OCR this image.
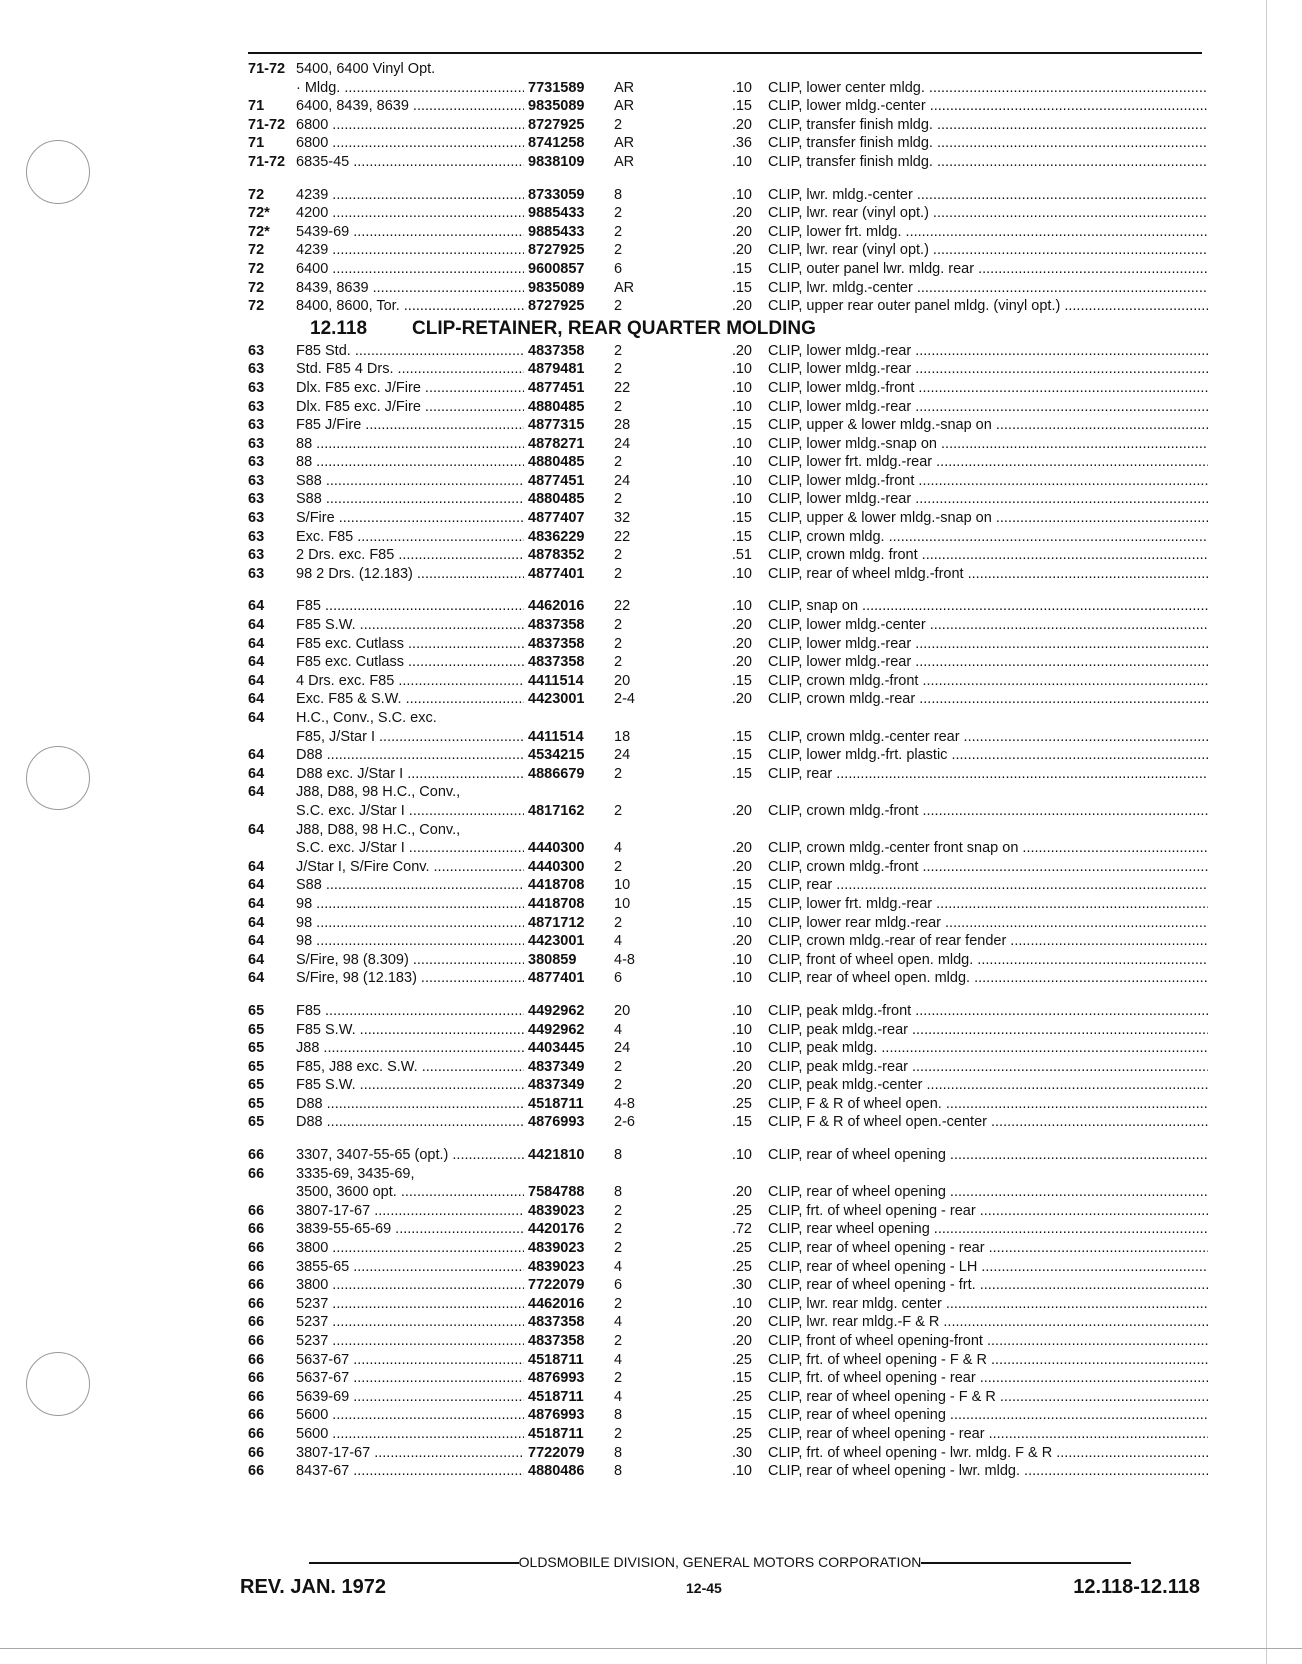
71-72 5400, 6400 Vinyl Opt.
· Mldg. .....	7731589	AR	.10 CLIP, lower center mldg. .....
71	6400, 8439, 8639 .....	9835089	AR	.15 CLIP, lower mldg.-center .....
71-72 6800 .....	8727925	2	.20 CLIP, transfer finish mldg. .....
71	6800 .....	8741258	AR	.36 CLIP, transfer finish mldg. .....
71-72 6835-45 .....	9838109	AR	.10 CLIP, transfer finish mldg. .....
72	4239 .....	8733059	8	.10 CLIP, lwr. mldg.-center .....
72*	4200 .....	9885433	2	.20 CLIP, lwr. rear (vinyl opt.) .....
72*	5439-69 .....	9885433	2	.20 CLIP, lower frt. mldg. .....
72	4239 .....	8727925	2	.20 CLIP, lwr. rear (vinyl opt.) .....
72	6400 .....	9600857	6	.15 CLIP, outer panel lwr. mldg. rear .....
72	8439, 8639 .....	9835089	AR	.15 CLIP, lwr. mldg.-center .....
72	8400, 8600, Tor. .....	8727925	2	.20 CLIP, upper rear outer panel mldg. (vinyl opt.) .....
12.118 CLIP-RETAINER, REAR QUARTER MOLDING
63	F85 Std. .....	4837358	2	.20 CLIP, lower mldg.-rear .....
63	Std. F85 4 Drs. .....	4879481	2	.10 CLIP, lower mldg.-rear .....
63	Dlx. F85 exc. J/Fire .....	4877451	22	.10 CLIP, lower mldg.-front .....
63	Dlx. F85 exc. J/Fire .....	4880485	2	.10 CLIP, lower mldg.-rear .....
63	F85 J/Fire .....	4877315	28	.15 CLIP, upper & lower mldg.-snap on .....
63	88 .....	4878271	24	.10 CLIP, lower mldg.-snap on .....
63	88 .....	4880485	2	.10 CLIP, lower frt. mldg.-rear .....
63	S88 .....	4877451	24	.10 CLIP, lower mldg.-front .....
63	S88 .....	4880485	2	.10 CLIP, lower mldg.-rear .....
63	S/Fire .....	4877407	32	.15 CLIP, upper & lower mldg.-snap on .....
63	Exc. F85 .....	4836229	22	.15 CLIP, crown mldg. .....
63	2 Drs. exc. F85 .....	4878352	2	.51 CLIP, crown mldg. front .....
63	98 2 Drs. (12.183) .....	4877401	2	.10 CLIP, rear of wheel mldg.-front .....
64	F85 .....	4462016	22	.10 CLIP, snap on .....
64	F85 S.W. .....	4837358	2	.20 CLIP, lower mldg.-center .....
64	F85 exc. Cutlass .....	4837358	2	.20 CLIP, lower mldg.-rear .....
64	F85 exc. Cutlass .....	4837358	2	.20 CLIP, lower mldg.-rear .....
64	4 Drs. exc. F85 .....	4411514	20	.15 CLIP, crown mldg.-front .....
64	Exc. F85 & S.W. .....	4423001	2-4	.20 CLIP, crown mldg.-rear .....
64	H.C., Conv., S.C. exc.
F85, J/Star I .....	4411514	18	.15 CLIP, crown mldg.-center rear .....
64	D88 .....	4534215	24	.15 CLIP, lower mldg.-frt. plastic .....
64	D88 exc. J/Star I .....	4886679	2	.15 CLIP, rear .....
64	J88, D88, 98 H.C., Conv.,
S.C. exc. J/Star I .....	4817162	2	.20 CLIP, crown mldg.-front .....
64	J88, D88, 98 H.C., Conv.,
S.C. exc. J/Star I .....	4440300	4	.20 CLIP, crown mldg.-center front snap on .....
64	J/Star I, S/Fire Conv. .....	4440300	2	.20 CLIP, crown mldg.-front .....
64	S88 .....	4418708	10	.15 CLIP, rear .....
64	98 .....	4418708	10	.15 CLIP, lower frt. mldg.-rear .....
64	98 .....	4871712	2	.10 CLIP, lower rear mldg.-rear .....
64	98 .....	4423001	4	.20 CLIP, crown mldg.-rear of rear fender .....
64	S/Fire, 98 (8.309) .....	380859	4-8	.10 CLIP, front of wheel open. mldg. .....
64	S/Fire, 98 (12.183) .....	4877401	6	.10 CLIP, rear of wheel open. mldg. .....
65	F85 .....	4492962	20	.10 CLIP, peak mldg.-front .....
65	F85 S.W. .....	4492962	4	.10 CLIP, peak mldg.-rear .....
65	J88 .....	4403445	24	.10 CLIP, peak mldg. .....
65	F85, J88 exc. S.W. .....	4837349	2	.20 CLIP, peak mldg.-rear .....
65	F85 S.W. .....	4837349	2	.20 CLIP, peak mldg.-center .....
65	D88 .....	4518711	4-8	.25 CLIP, F & R of wheel open. .....
65	D88 .....	4876993	2-6	.15 CLIP, F & R of wheel open.-center .....
66	3307, 3407-55-65 (opt.) .....	4421810	8	.10 CLIP, rear of wheel opening .....
66	3335-69, 3435-69,
3500, 3600 opt. .....	7584788	8	.20 CLIP, rear of wheel opening .....
66	3807-17-67 .....	4839023	2	.25 CLIP, frt. of wheel opening - rear .....
66	3839-55-65-69 .....	4420176	2	.72 CLIP, rear wheel opening .....
66	3800 .....	4839023	2	.25 CLIP, rear of wheel opening - rear .....
66	3855-65 .....	4839023	4	.25 CLIP, rear of wheel opening - LH .....
66	3800 .....	7722079	6	.30 CLIP, rear of wheel opening - frt. .....
66	5237 .....	4462016	2	.10 CLIP, lwr. rear mldg. center .....
66	5237 .....	4837358	4	.20 CLIP, lwr. rear mldg.-F & R .....
66	5237 .....	4837358	2	.20 CLIP, front of wheel opening-front .....
66	5637-67 .....	4518711	4	.25 CLIP, frt. of wheel opening - F & R .....
66	5637-67 .....	4876993	2	.15 CLIP, frt. of wheel opening - rear .....
66	5639-69 .....	4518711	4	.25 CLIP, rear of wheel opening - F & R .....
66	5600 .....	4876993	8	.15 CLIP, rear of wheel opening .....
66	5600 .....	4518711	2	.25 CLIP, rear of wheel opening - rear .....
66	3807-17-67 .....	7722079	8	.30 CLIP, frt. of wheel opening - lwr. mldg. F & R .....
66	8437-67 .....	4880486	8	.10 CLIP, rear of wheel opening - lwr. mldg. .....
OLDSMOBILE DIVISION, GENERAL MOTORS CORPORATION
REV. JAN. 1972	12-45	12.118-12.118
